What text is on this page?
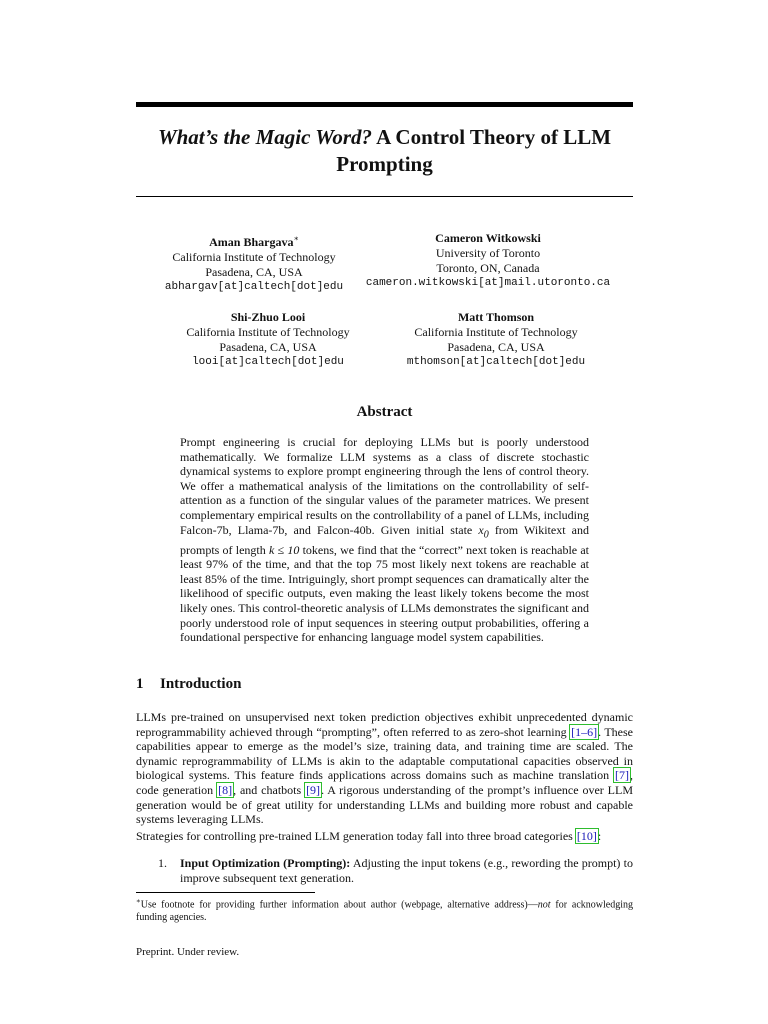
What’s the Magic Word? A Control Theory of LLM Prompting
Aman Bhargava∗
California Institute of Technology
Pasadena, CA, USA
abhargav[at]caltech[dot]edu
Cameron Witkowski
University of Toronto
Toronto, ON, Canada
cameron.witkowski[at]mail.utoronto.ca
Shi-Zhuo Looi
California Institute of Technology
Pasadena, CA, USA
looi[at]caltech[dot]edu
Matt Thomson
California Institute of Technology
Pasadena, CA, USA
mthomson[at]caltech[dot]edu
Abstract

Prompt engineering is crucial for deploying LLMs but is poorly understood mathematically. We formalize LLM systems as a class of discrete stochastic dynamical systems to explore prompt engineering through the lens of control theory. We offer a mathematical analysis of the limitations on the controllability of self-attention as a function of the singular values of the parameter matrices. We present complementary empirical results on the controllability of a panel of LLMs, including Falcon-7b, Llama-7b, and Falcon-40b. Given initial state $x_0$ from Wikitext and prompts of length k ≤ 10 tokens, we find that the “correct” next token is reachable at least 97% of the time, and that the top 75 most likely next tokens are reachable at least 85% of the time. Intriguingly, short prompt sequences can dramatically alter the likelihood of specific outputs, even making the least likely tokens become the most likely ones. This control-theoretic analysis of LLMs demonstrates the significant and poorly understood role of input sequences in steering output probabilities, offering a foundational perspective for enhancing language model system capabilities.

1 Introduction

LLMs pre-trained on unsupervised next token prediction objectives exhibit unprecedented dynamic reprogrammability achieved through “prompting”, often referred to as zero-shot learning [1–6]. These capabilities appear to emerge as the model’s size, training data, and training time are scaled. The dynamic reprogrammability of LLMs is akin to the adaptable computational capacities observed in biological systems. This feature finds applications across domains such as machine translation [7], code generation [8], and chatbots [9]. A rigorous understanding of the prompt’s influence over LLM generation would be of great utility for understanding LLMs and building more robust and capable systems leveraging LLMs.

Strategies for controlling pre-trained LLM generation today fall into three broad categories [10]:

1.	Input Optimization (Prompting): Adjusting the input tokens (e.g., rewording the prompt) to improve subsequent text generation.

∗Use footnote for providing further information about author (webpage, alternative address)—not for acknowledging funding agencies.

Preprint. Under review.
